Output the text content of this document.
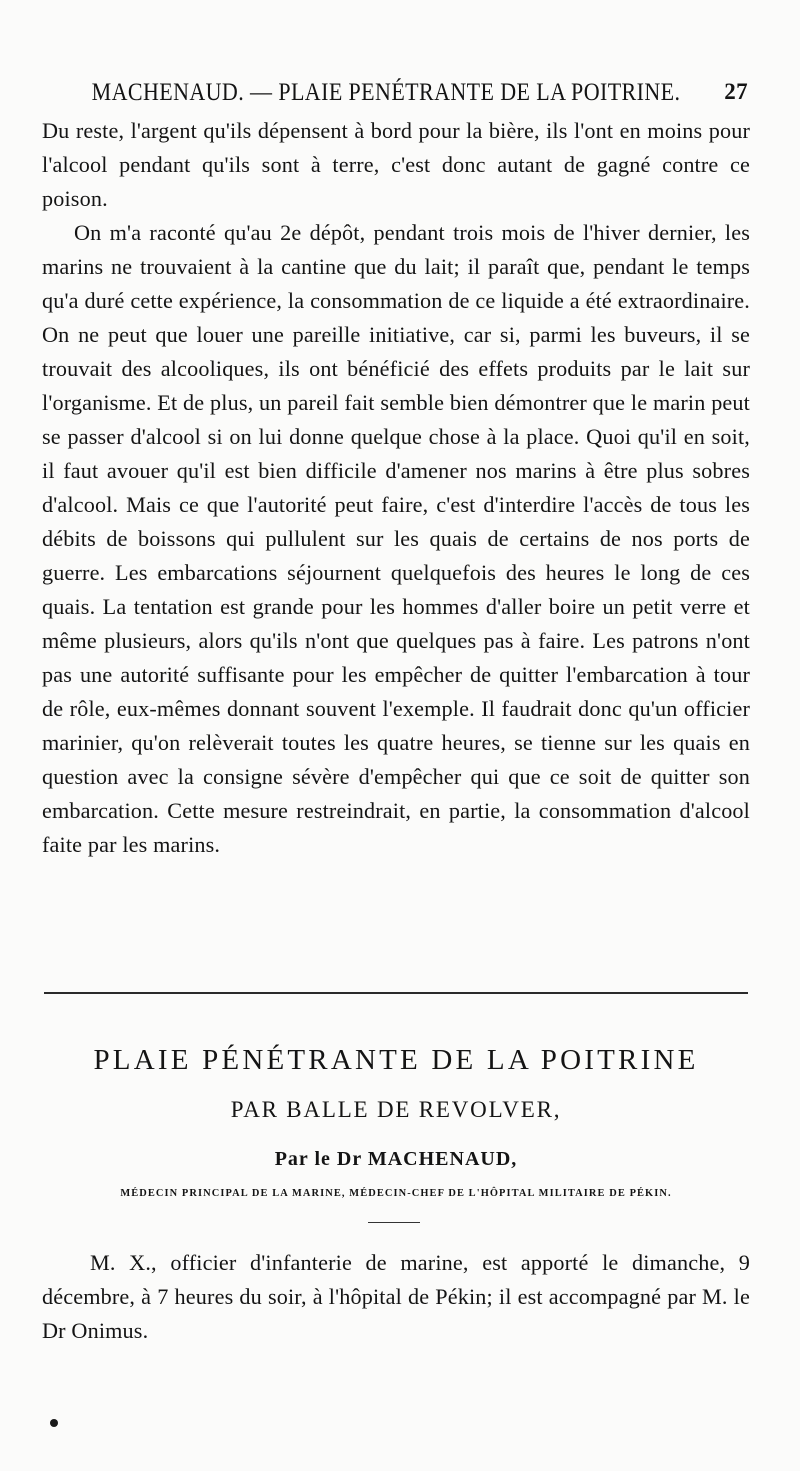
MACHENAUD. — PLAIE PENÉTRANTE DE LA POITRINE.	27

Du reste, l'argent qu'ils dépensent à bord pour la bière, ils l'ont en moins pour l'alcool pendant qu'ils sont à terre, c'est donc autant de gagné contre ce poison.

On m'a raconté qu'au 2e dépôt, pendant trois mois de l'hiver dernier, les marins ne trouvaient à la cantine que du lait; il paraît que, pendant le temps qu'a duré cette expérience, la consommation de ce liquide a été extraordinaire. On ne peut que louer une pareille initiative, car si, parmi les buveurs, il se trouvait des alcooliques, ils ont bénéficié des effets produits par le lait sur l'organisme. Et de plus, un pareil fait semble bien démontrer que le marin peut se passer d'alcool si on lui donne quelque chose à la place. Quoi qu'il en soit, il faut avouer qu'il est bien difficile d'amener nos marins à être plus sobres d'alcool. Mais ce que l'autorité peut faire, c'est d'interdire l'accès de tous les débits de boissons qui pullulent sur les quais de certains de nos ports de guerre. Les embarcations séjournent quelquefois des heures le long de ces quais. La tentation est grande pour les hommes d'aller boire un petit verre et même plusieurs, alors qu'ils n'ont que quelques pas à faire. Les patrons n'ont pas une autorité suffisante pour les empêcher de quitter l'embarcation à tour de rôle, eux-mêmes donnant souvent l'exemple. Il faudrait donc qu'un officier marinier, qu'on relèverait toutes les quatre heures, se tienne sur les quais en question avec la consigne sévère d'empêcher qui que ce soit de quitter son embarcation. Cette mesure restreindrait, en partie, la consommation d'alcool faite par les marins.

PLAIE PÉNÉTRANTE DE LA POITRINE
PAR BALLE DE REVOLVER,
Par le Dr MACHENAUD,
MÉDECIN PRINCIPAL DE LA MARINE, MÉDECIN-CHEF DE L'HÔPITAL MILITAIRE DE PÉKIN.

M. X., officier d'infanterie de marine, est apporté le dimanche, 9 décembre, à 7 heures du soir, à l'hôpital de Pékin; il est accompagné par M. le Dr Onimus.
